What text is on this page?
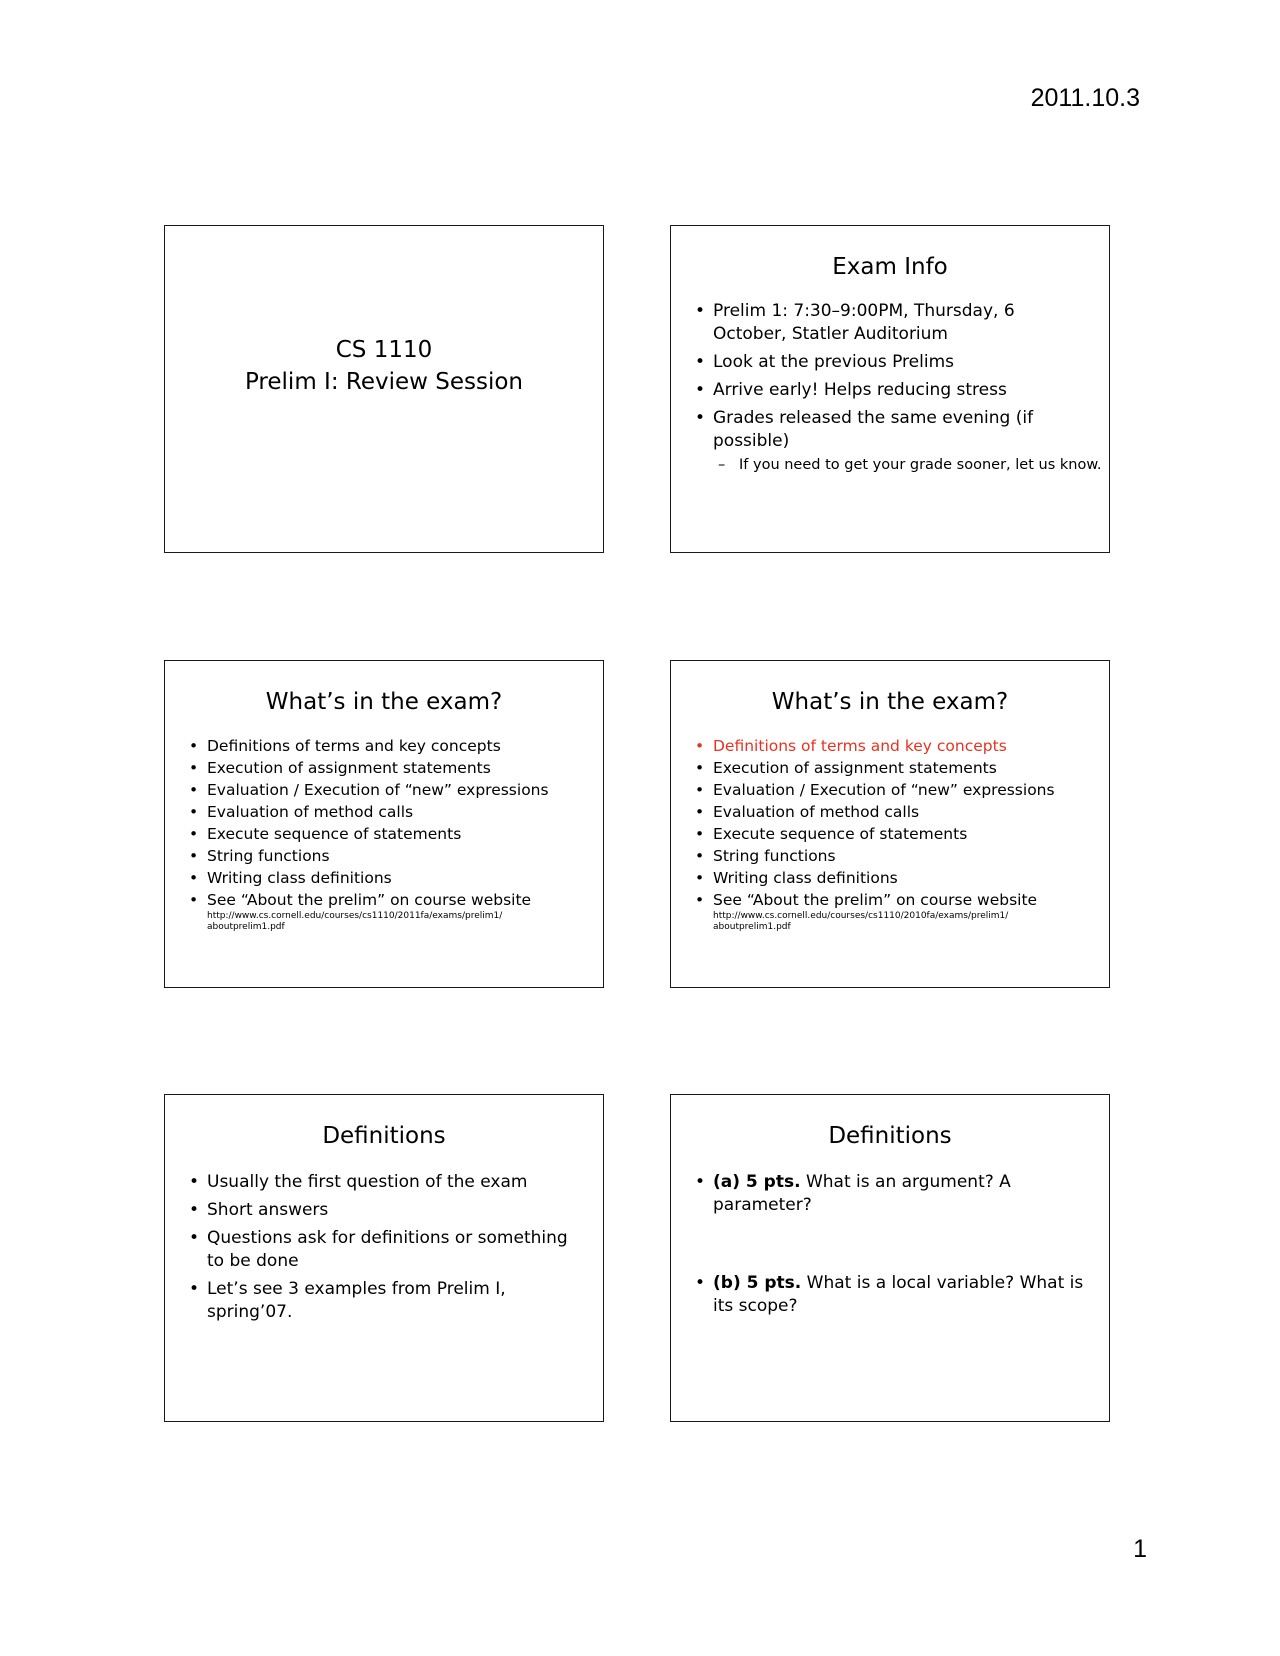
2011.10.3
CS 1110
Prelim I: Review Session
Exam Info
• Prelim 1: 7:30–9:00PM, Thursday, 6 October, Statler Auditorium
• Look at the previous Prelims
• Arrive early! Helps reducing stress
• Grades released the same evening (if possible)
– If you need to get your grade sooner, let us know.
What’s in the exam?
• Definitions of terms and key concepts
• Execution of assignment statements
• Evaluation / Execution of “new” expressions
• Evaluation of method calls
• Execute sequence of statements
• String functions
• Writing class definitions
• See “About the prelim” on course website
http://www.cs.cornell.edu/courses/cs1110/2011fa/exams/prelim1/
aboutprelim1.pdf
What’s in the exam?
• Definitions of terms and key concepts
• Execution of assignment statements
• Evaluation / Execution of “new” expressions
• Evaluation of method calls
• Execute sequence of statements
• String functions
• Writing class definitions
• See “About the prelim” on course website
http://www.cs.cornell.edu/courses/cs1110/2010fa/exams/prelim1/
aboutprelim1.pdf
Definitions
• Usually the first question of the exam
• Short answers
• Questions ask for definitions or something to be done
• Let’s see 3 examples from Prelim I, spring’07.
Definitions
• (a) 5 pts. What is an argument? A parameter?
• (b) 5 pts. What is a local variable? What is its scope?
1
